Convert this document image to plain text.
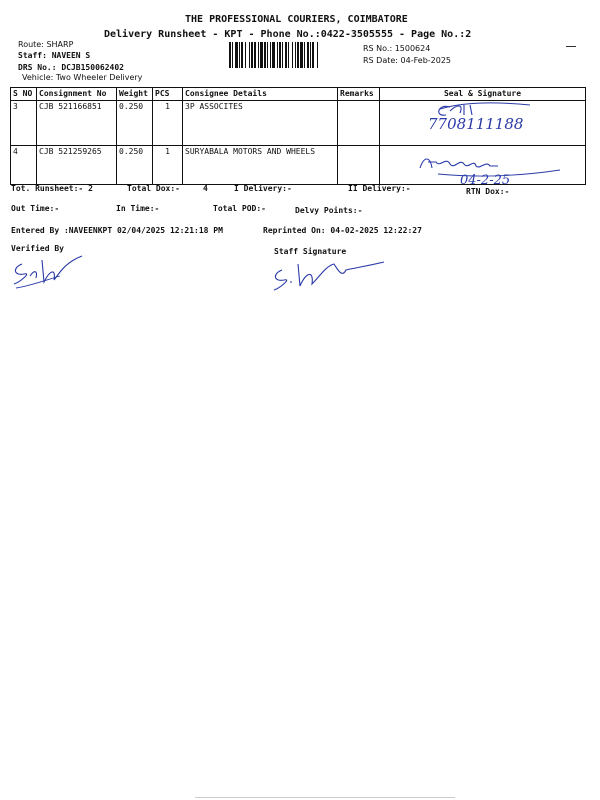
THE PROFESSIONAL COURIERS, COIMBATORE
Delivery Runsheet - KPT - Phone No.:0422-3505555 - Page No.:2
Route: SHARP
Staff: NAVEEN S
DRS No.: DCJB150062402
Vehicle: Two Wheeler Delivery
RS No.: 1500624
RS Date: 04-Feb-2025
S NO	Consignment No	Weight	PCS	Consignee Details	Remarks	Seal & Signature
3	CJB 521166851	0.250	1	3P ASSOCITES		7708111188

4	CJB 521259265	0.250	1	SURYABALA MOTORS AND WHEELS		04-2-25
Tot. Runsheet:- 2	Total Dox:-	4	I Delivery:-	II Delivery:-	RTN Dox:-
Out Time:-	In Time:-	Total POD:-	Delvy Points:-
Entered By :NAVEENKPT 02/04/2025 12:21:18 PM	Reprinted On: 04-02-2025 12:22:27
Verified By	Staff Signature
